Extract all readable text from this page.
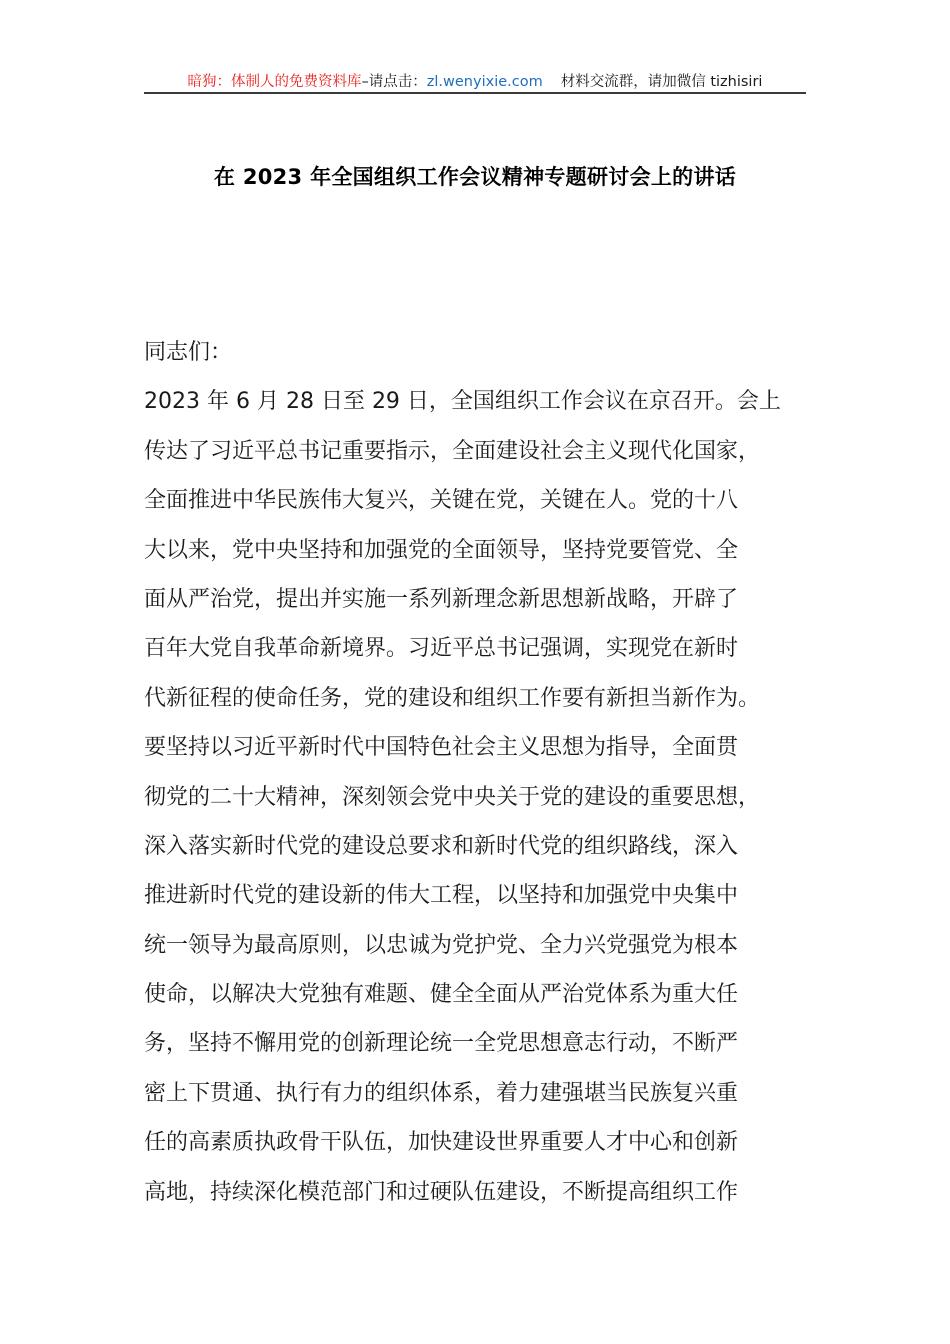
暗狗：体制人的免费资料库 –请点击： zl.wenyixie.com 材料交流群，请加微信 tizhisiri
在 2023 年全国组织工作会议精神专题研讨会上的讲话
同志们：
2023 年 6 月 28 日至 29 日，全国组织工作会议在京召开。会上
传达了习近平总书记重要指示，全面建设社会主义现代化国家，
全面推进中华民族伟大复兴，关键在党，关键在人。党的十八
大以来，党中央坚持和加强党的全面领导，坚持党要管党、全
面从严治党，提出并实施一系列新理念新思想新战略，开辟了
百年大党自我革命新境界。习近平总书记强调，实现党在新时
代新征程的使命任务，党的建设和组织工作要有新担当新作为。
要坚持以习近平新时代中国特色社会主义思想为指导，全面贯
彻党的二十大精神，深刻领会党中央关于党的建设的重要思想，
深入落实新时代党的建设总要求和新时代党的组织路线，深入
推进新时代党的建设新的伟大工程，以坚持和加强党中央集中
统一领导为最高原则，以忠诚为党护党、全力兴党强党为根本
使命，以解决大党独有难题、健全全面从严治党体系为重大任
务，坚持不懈用党的创新理论统一全党思想意志行动，不断严
密上下贯通、执行有力的组织体系，着力建强堪当民族复兴重
任的高素质执政骨干队伍，加快建设世界重要人才中心和创新
高地，持续深化模范部门和过硬队伍建设，不断提高组织工作
